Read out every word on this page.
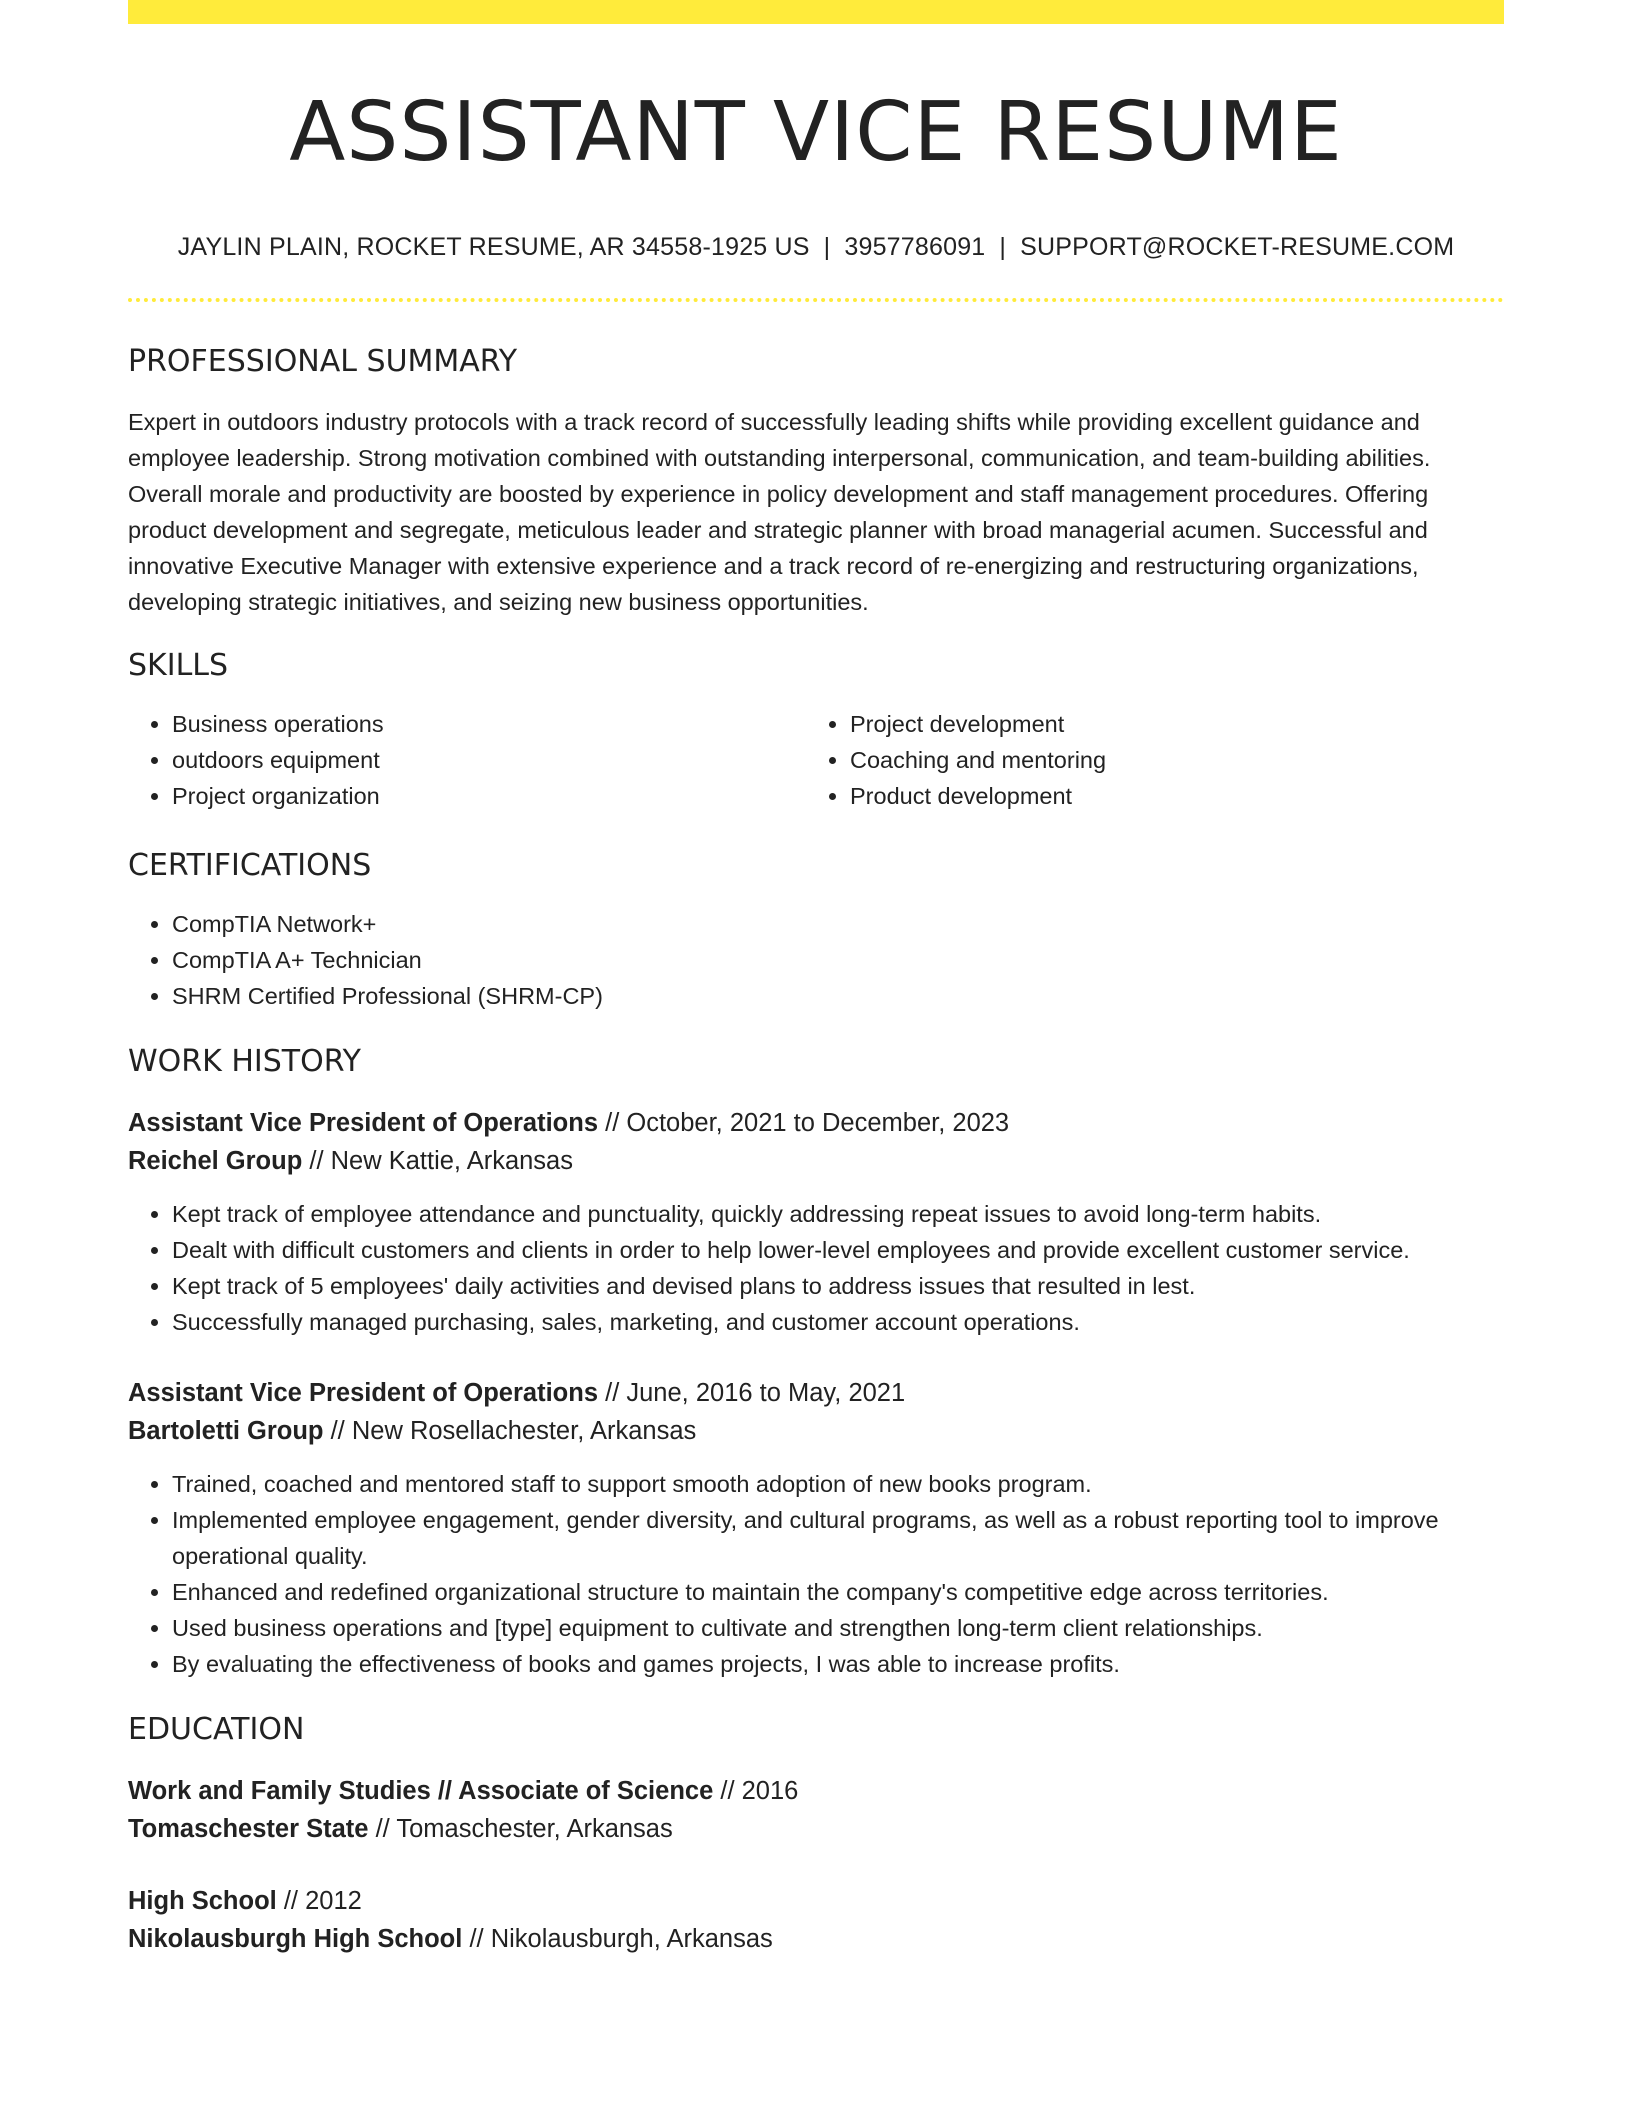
ASSISTANT VICE RESUME
JAYLIN PLAIN, ROCKET RESUME, AR 34558-1925 US | 3957786091 | SUPPORT@ROCKET-RESUME.COM
PROFESSIONAL SUMMARY

Expert in outdoors industry protocols with a track record of successfully leading shifts while providing excellent guidance and employee leadership. Strong motivation combined with outstanding interpersonal, communication, and team-building abilities. Overall morale and productivity are boosted by experience in policy development and staff management procedures. Offering product development and segregate, meticulous leader and strategic planner with broad managerial acumen. Successful and innovative Executive Manager with extensive experience and a track record of re-energizing and restructuring organizations, developing strategic initiatives, and seizing new business opportunities.

SKILLS
• Business operations
• outdoors equipment
• Project organization
• Project development
• Coaching and mentoring
• Product development
CERTIFICATIONS
• CompTIA Network+
• CompTIA A+ Technician
• SHRM Certified Professional (SHRM-CP)
WORK HISTORY
Assistant Vice President of Operations // October, 2021 to December, 2023
Reichel Group // New Kattie, Arkansas
• Kept track of employee attendance and punctuality, quickly addressing repeat issues to avoid long-term habits.
• Dealt with difficult customers and clients in order to help lower-level employees and provide excellent customer service.
• Kept track of 5 employees' daily activities and devised plans to address issues that resulted in lest.
• Successfully managed purchasing, sales, marketing, and customer account operations.
Assistant Vice President of Operations // June, 2016 to May, 2021
Bartoletti Group // New Rosellachester, Arkansas
• Trained, coached and mentored staff to support smooth adoption of new books program.
• Implemented employee engagement, gender diversity, and cultural programs, as well as a robust reporting tool to improve operational quality.
• Enhanced and redefined organizational structure to maintain the company's competitive edge across territories.
• Used business operations and [type] equipment to cultivate and strengthen long-term client relationships.
• By evaluating the effectiveness of books and games projects, I was able to increase profits.
EDUCATION
Work and Family Studies // Associate of Science // 2016
Tomaschester State // Tomaschester, Arkansas
High School // 2012
Nikolausburgh High School // Nikolausburgh, Arkansas
